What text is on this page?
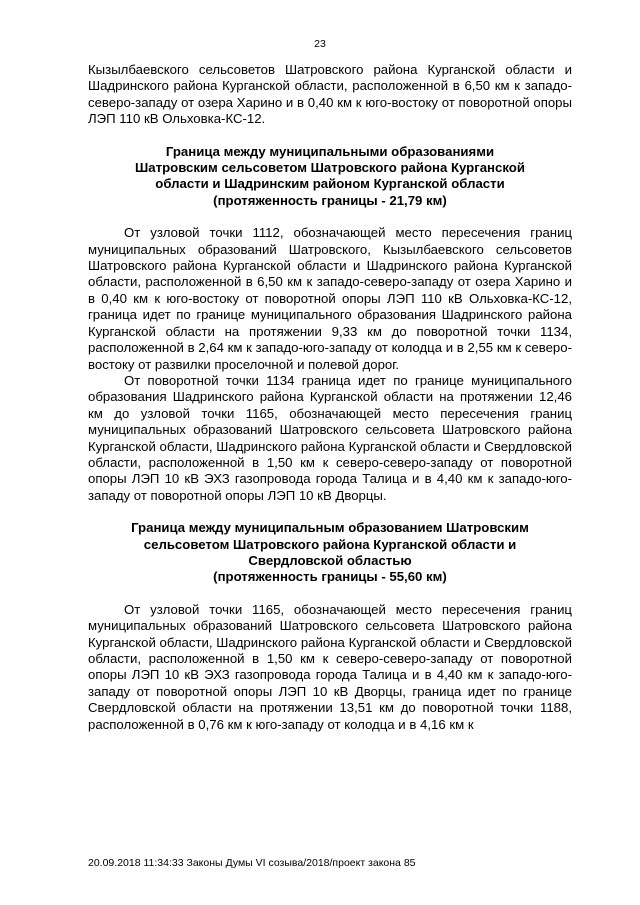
23

Кызылбаевского сельсоветов Шатровского района Курганской области и Шадринского района Курганской области, расположенной в 6,50 км к западо-северо-западу от озера Харино и в 0,40 км к юго-востоку от поворотной опоры ЛЭП 110 кВ Ольховка-КС-12.

Граница между муниципальными образованиями
Шатровским сельсоветом Шатровского района Курганской
области и Шадринским районом Курганской области
(протяженность границы - 21,79 км)

От узловой точки 1112, обозначающей место пересечения границ муниципальных образований Шатровского, Кызылбаевского сельсоветов Шатровского района Курганской области и Шадринского района Курганской области, расположенной в 6,50 км к западо-северо-западу от озера Харино и в 0,40 км к юго-востоку от поворотной опоры ЛЭП 110 кВ Ольховка-КС-12, граница идет по границе муниципального образования Шадринского района Курганской области на протяжении 9,33 км до поворотной точки 1134, расположенной в 2,64 км к западо-юго-западу от колодца и в 2,55 км к северо-востоку от развилки проселочной и полевой дорог.

От поворотной точки 1134 граница идет по границе муниципального образования Шадринского района Курганской области на протяжении 12,46 км до узловой точки 1165, обозначающей место пересечения границ муниципальных образований Шатровского сельсовета Шатровского района Курганской области, Шадринского района Курганской области и Свердловской области, расположенной в 1,50 км к северо-северо-западу от поворотной опоры ЛЭП 10 кВ ЭХЗ газопровода города Талица и в 4,40 км к западо-юго-западу от поворотной опоры ЛЭП 10 кВ Дворцы.

Граница между муниципальным образованием Шатровским
сельсоветом Шатровского района Курганской области и
Свердловской областью
(протяженность границы - 55,60 км)

От узловой точки 1165, обозначающей место пересечения границ муниципальных образований Шатровского сельсовета Шатровского района Курганской области, Шадринского района Курганской области и Свердловской области, расположенной в 1,50 км к северо-северо-западу от поворотной опоры ЛЭП 10 кВ ЭХЗ газопровода города Талица и в 4,40 км к западо-юго-западу от поворотной опоры ЛЭП 10 кВ Дворцы, граница идет по границе Свердловской области на протяжении 13,51 км до поворотной точки 1188, расположенной в 0,76 км к юго-западу от колодца и в 4,16 км к

20.09.2018 11:34:33 Законы Думы VI созыва/2018/проект закона 85
